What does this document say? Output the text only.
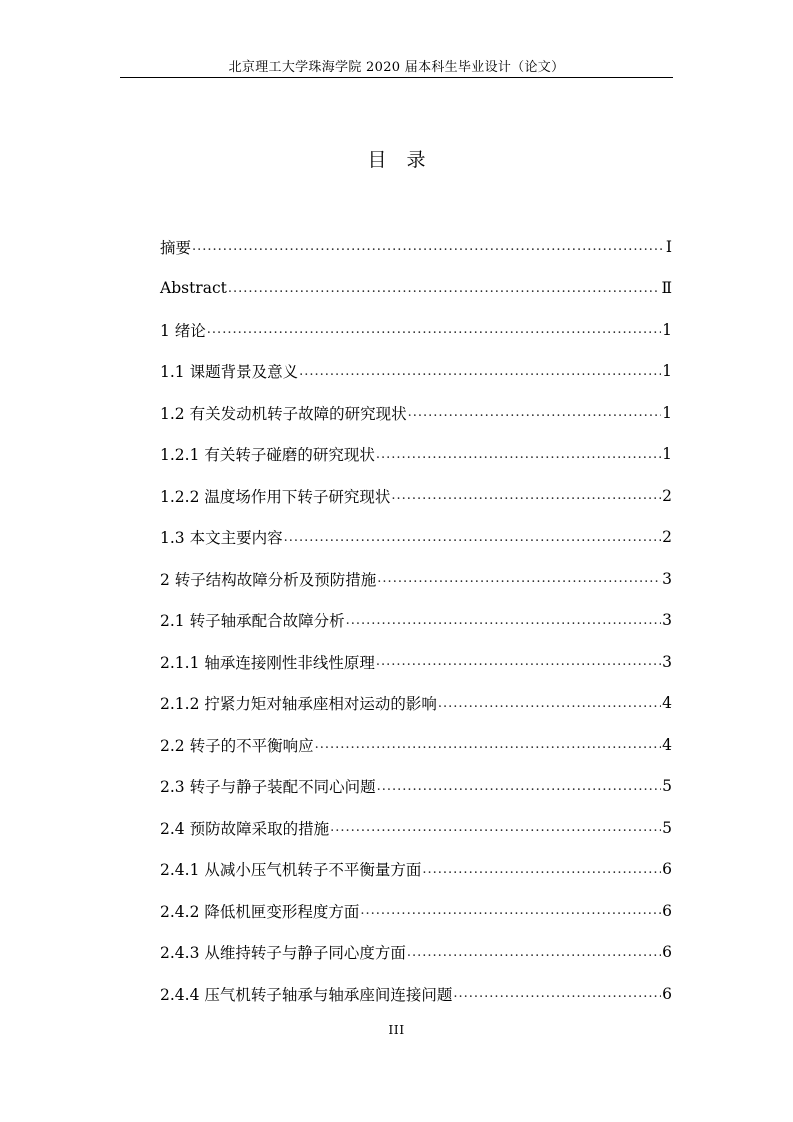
北京理工大学珠海学院 2020 届本科生毕业设计（论文）
目 录
摘要 .....	Ⅰ
Abstract .....	Ⅱ
1 绪论 .....	1
1.1 课题背景及意义 .....	1
1.2 有关发动机转子故障的研究现状 .....	1
1.2.1 有关转子碰磨的研究现状 .....	1
1.2.2 温度场作用下转子研究现状 .....	2
1.3 本文主要内容 .....	2
2 转子结构故障分析及预防措施 .....	3
2.1 转子轴承配合故障分析 .....	3
2.1.1 轴承连接刚性非线性原理 .....	3
2.1.2 拧紧力矩对轴承座相对运动的影响 .....	4
2.2 转子的不平衡响应 .....	4
2.3 转子与静子装配不同心问题 .....	5
2.4 预防故障采取的措施 .....	5
2.4.1 从减小压气机转子不平衡量方面 .....	6
2.4.2 降低机匣变形程度方面 .....	6
2.4.3 从维持转子与静子同心度方面 .....	6
2.4.4 压气机转子轴承与轴承座间连接问题 .....	6
III
